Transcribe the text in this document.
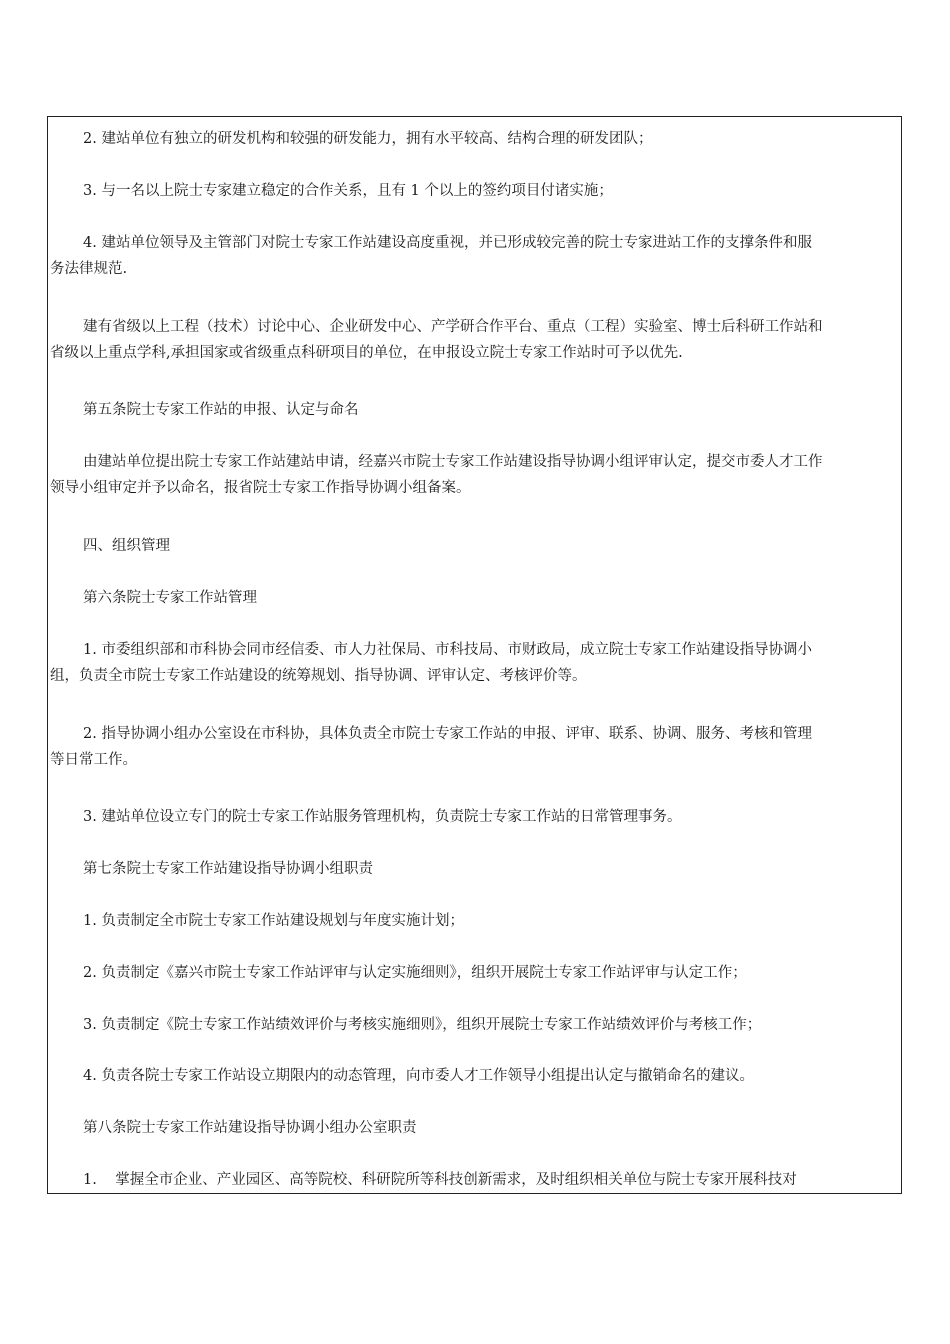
2. 建站单位有独立的研发机构和较强的研发能力，拥有水平较高、结构合理的研发团队；

3. 与一名以上院士专家建立稳定的合作关系，且有 1 个以上的签约项目付诸实施；

4. 建站单位领导及主管部门对院士专家工作站建设高度重视，并已形成较完善的院士专家进站工作的支撑条件和服
务法律规范.

建有省级以上工程（技术）讨论中心、企业研发中心、产学研合作平台、重点（工程）实验室、博士后科研工作站和
省级以上重点学科,承担国家或省级重点科研项目的单位，在申报设立院士专家工作站时可予以优先.

第五条院士专家工作站的申报、认定与命名

由建站单位提出院士专家工作站建站申请，经嘉兴市院士专家工作站建设指导协调小组评审认定，提交市委人才工作
领导小组审定并予以命名，报省院士专家工作指导协调小组备案。

四、组织管理

第六条院士专家工作站管理

1. 市委组织部和市科协会同市经信委、市人力社保局、市科技局、市财政局，成立院士专家工作站建设指导协调小
组，负责全市院士专家工作站建设的统筹规划、指导协调、评审认定、考核评价等。

2. 指导协调小组办公室设在市科协，具体负责全市院士专家工作站的申报、评审、联系、协调、服务、考核和管理
等日常工作。

3. 建站单位设立专门的院士专家工作站服务管理机构，负责院士专家工作站的日常管理事务。

第七条院士专家工作站建设指导协调小组职责

1. 负责制定全市院士专家工作站建设规划与年度实施计划；

2. 负责制定《嘉兴市院士专家工作站评审与认定实施细则》，组织开展院士专家工作站评审与认定工作；

3. 负责制定《院士专家工作站绩效评价与考核实施细则》，组织开展院士专家工作站绩效评价与考核工作；

4. 负责各院士专家工作站设立期限内的动态管理，向市委人才工作领导小组提出认定与撤销命名的建议。

第八条院士专家工作站建设指导协调小组办公室职责

1.    掌握全市企业、产业园区、高等院校、科研院所等科技创新需求，及时组织相关单位与院士专家开展科技对
